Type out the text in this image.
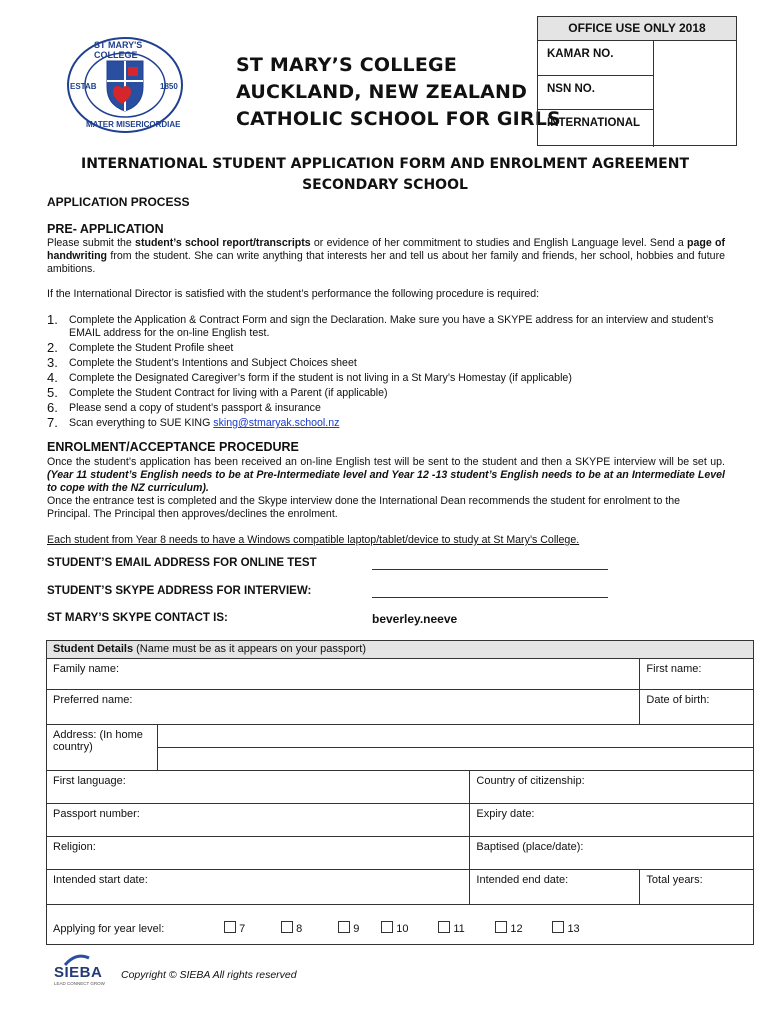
ST MARY'S COLLEGE
ESTAB	1850
MATER MISERICORDIAE
ST MARY’S COLLEGE
AUCKLAND, NEW ZEALAND
CATHOLIC SCHOOL FOR GIRLS
OFFICE USE ONLY 2018
KAMAR NO.
NSN NO.
INTERNATIONAL
INTERNATIONAL STUDENT APPLICATION FORM AND ENROLMENT AGREEMENT
SECONDARY SCHOOL
APPLICATION PROCESS
PRE- APPLICATION
Please submit the student’s school report/transcripts or evidence of her commitment to studies and English Language level. Send a page of handwriting from the student. She can write anything that interests her and tell us about her family and friends, her school, hobbies and future ambitions.
If the International Director is satisfied with the student’s performance the following procedure is required:
1. Complete the Application & Contract Form and sign the Declaration. Make sure you have a SKYPE address for an interview and student’s EMAIL address for the on-line English test.
2. Complete the Student Profile sheet
3. Complete the Student’s Intentions and Subject Choices sheet
4. Complete the Designated Caregiver’s form if the student is not living in a St Mary’s Homestay (if applicable)
5. Complete the Student Contract for living with a Parent (if applicable)
6. Please send a copy of student’s passport & insurance
7. Scan everything to SUE KING sking@stmaryak.school.nz
ENROLMENT/ACCEPTANCE PROCEDURE
Once the student’s application has been received an on-line English test will be sent to the student and then a SKYPE interview will be set up. (Year 11 student’s English needs to be at Pre-Intermediate level and Year 12 -13 student’s English needs to be at an Intermediate Level to cope with the NZ curriculum).
Once the entrance test is completed and the Skype interview done the International Dean recommends the student for enrolment to the Principal. The Principal then approves/declines the enrolment.
Each student from Year 8 needs to have a Windows compatible laptop/tablet/device to study at St Mary’s College.
STUDENT’S EMAIL ADDRESS FOR ONLINE TEST
STUDENT’S SKYPE ADDRESS FOR INTERVIEW:
ST MARY’S SKYPE CONTACT IS:	beverley.neeve
Student Details (Name must be as it appears on your passport)			
Family name:			First name:
Preferred name:			Date of birth:
Address: (In home country)			

First language:		Country of citizenship:	
Passport number:		Expiry date:	
Religion:		Baptised (place/date):	
Intended start date:		Intended end date:	Total years:
Applying for year level: 7 8 9 10 11 12 13			
SIEBA
LEAD CONNECT GROW
Copyright © SIEBA All rights reserved
